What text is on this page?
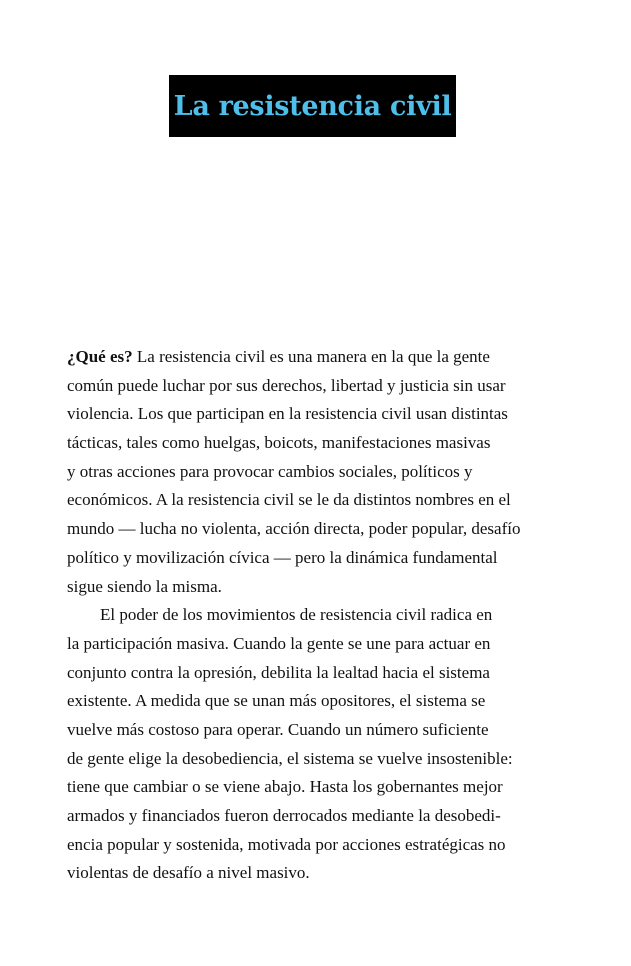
La resistencia civil
¿Qué es? La resistencia civil es una manera en la que la gente
común puede luchar por sus derechos, libertad y justicia sin usar
violencia. Los que participan en la resistencia civil usan distintas
tácticas, tales como huelgas, boicots, manifestaciones masivas
y otras acciones para provocar cambios sociales, políticos y
económicos. A la resistencia civil se le da distintos nombres en el
mundo — lucha no violenta, acción directa, poder popular, desafío
político y movilización cívica — pero la dinámica fundamental
sigue siendo la misma.
El poder de los movimientos de resistencia civil radica en
la participación masiva. Cuando la gente se une para actuar en
conjunto contra la opresión, debilita la lealtad hacia el sistema
existente. A medida que se unan más opositores, el sistema se
vuelve más costoso para operar. Cuando un número suficiente
de gente elige la desobediencia, el sistema se vuelve insostenible:
tiene que cambiar o se viene abajo. Hasta los gobernantes mejor
armados y financiados fueron derrocados mediante la desobedi-
encia popular y sostenida, motivada por acciones estratégicas no
violentas de desafío a nivel masivo.
